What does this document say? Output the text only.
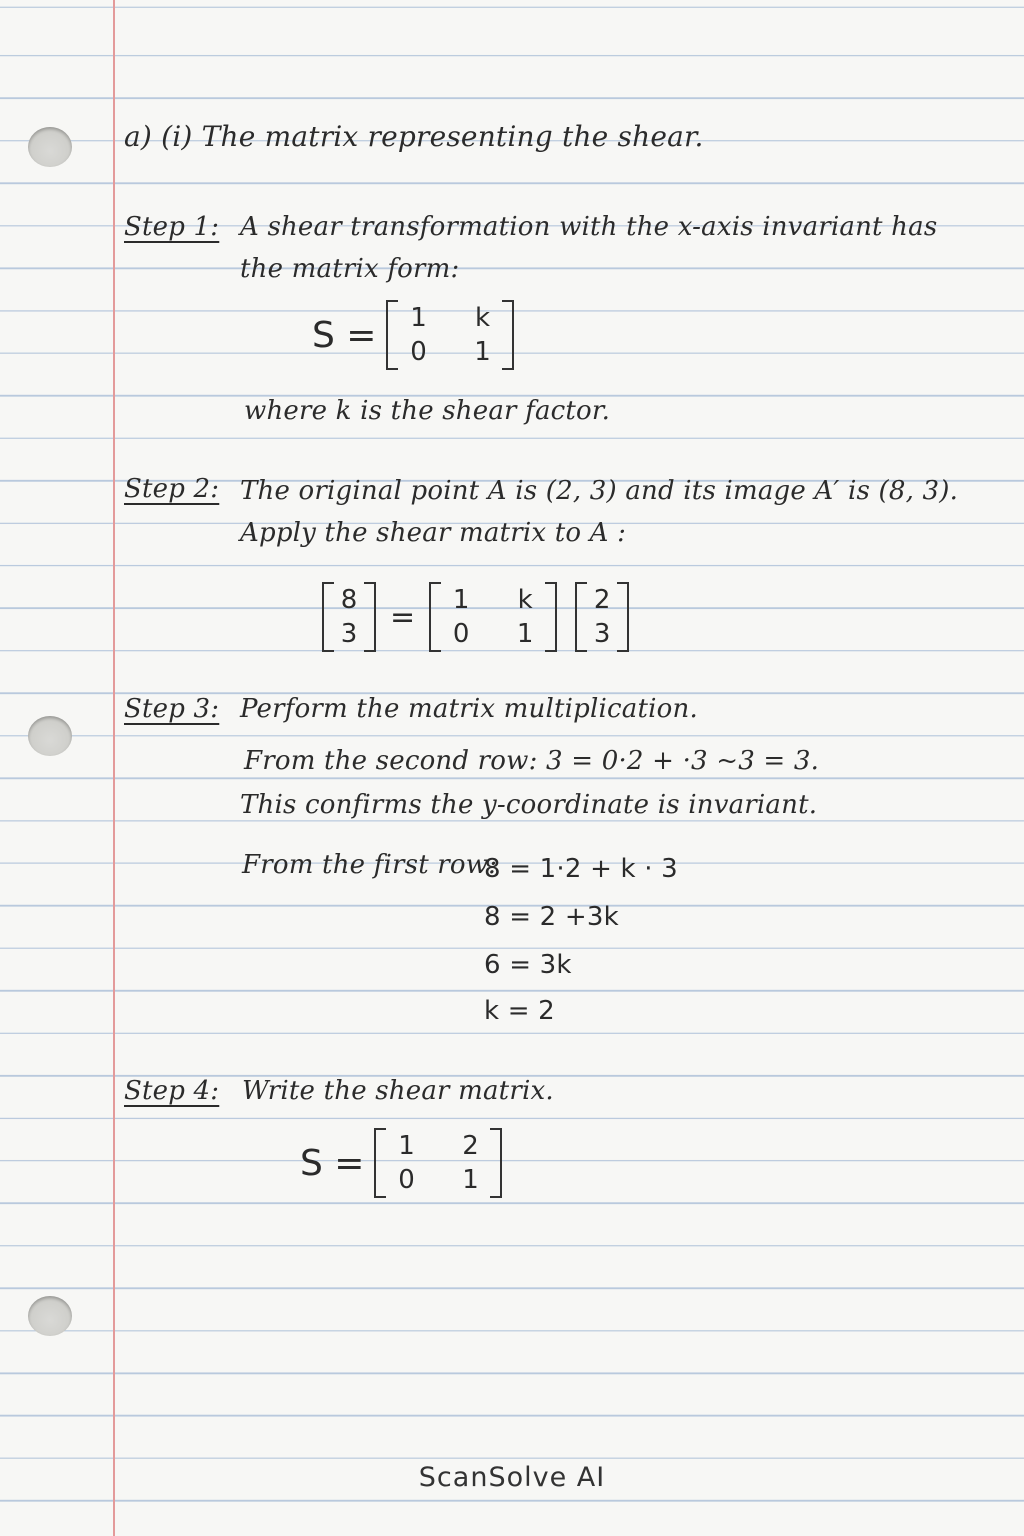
a) (i) The matrix representing the shear.
Step 1: A shear transformation with the x-axis invariant has
the matrix form:
S = 1 k
0 1
where k is the shear factor.
Step 2: The original point A is (2, 3) and its image A′ is (8, 3).
Apply the shear matrix to A :
8
3 = 1 k
0 1
2
3
Step 3: Perform the matrix multiplication.
From the second row: 3 = 0·2 + ·3 ~3 = 3.
This confirms the y-coordinate is invariant.
From the first row:
8 = 1·2 + k · 3
8 = 2 +3k
6 = 3k
k = 2
Step 4: Write the shear matrix.
S = 1 2
0 1
ScanSolve AI
